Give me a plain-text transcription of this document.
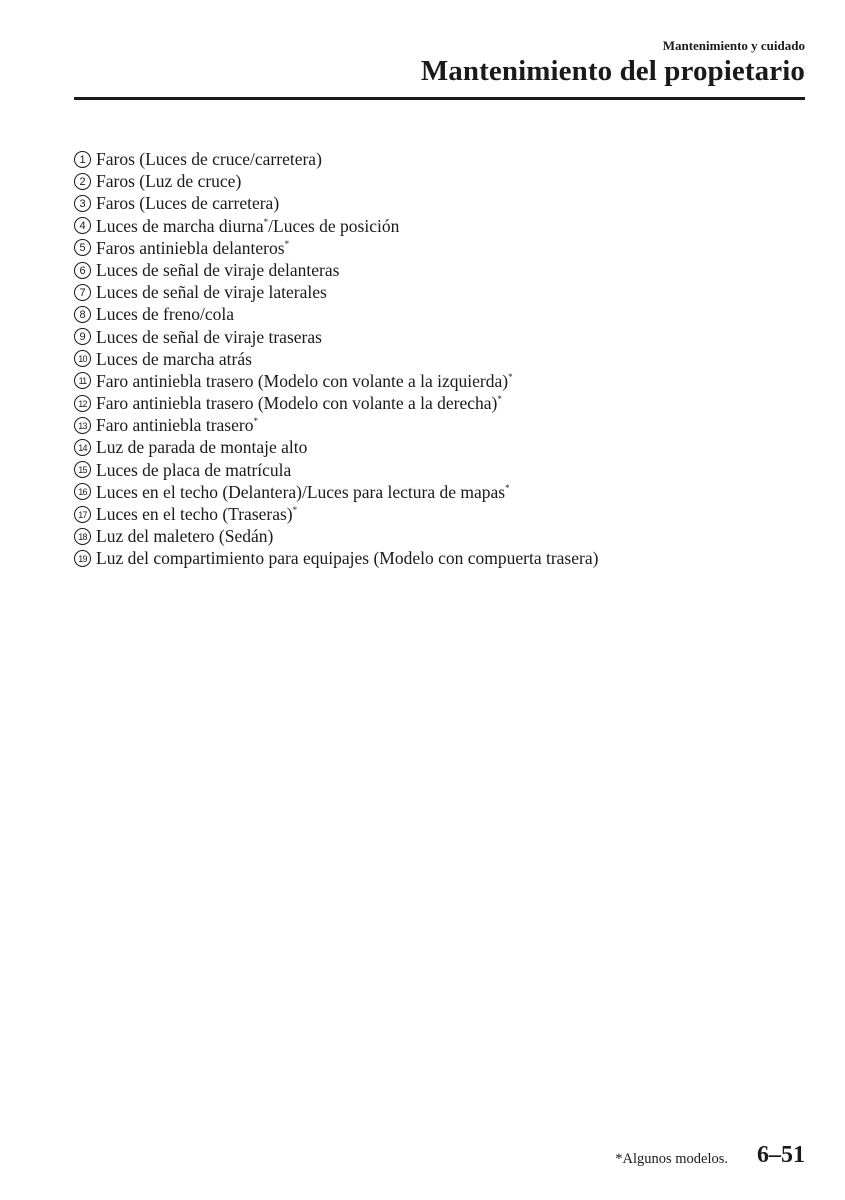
Mantenimiento y cuidado
Mantenimiento del propietario
1 Faros (Luces de cruce/carretera)
2 Faros (Luz de cruce)
3 Faros (Luces de carretera)
4 Luces de marcha diurna*/Luces de posición
5 Faros antiniebla delanteros*
6 Luces de señal de viraje delanteras
7 Luces de señal de viraje laterales
8 Luces de freno/cola
9 Luces de señal de viraje traseras
10 Luces de marcha atrás
11 Faro antiniebla trasero (Modelo con volante a la izquierda)*
12 Faro antiniebla trasero (Modelo con volante a la derecha)*
13 Faro antiniebla trasero*
14 Luz de parada de montaje alto
15 Luces de placa de matrícula
16 Luces en el techo (Delantera)/Luces para lectura de mapas*
17 Luces en el techo (Traseras)*
18 Luz del maletero (Sedán)
19 Luz del compartimiento para equipajes (Modelo con compuerta trasera)
*Algunos modelos. 6–51
